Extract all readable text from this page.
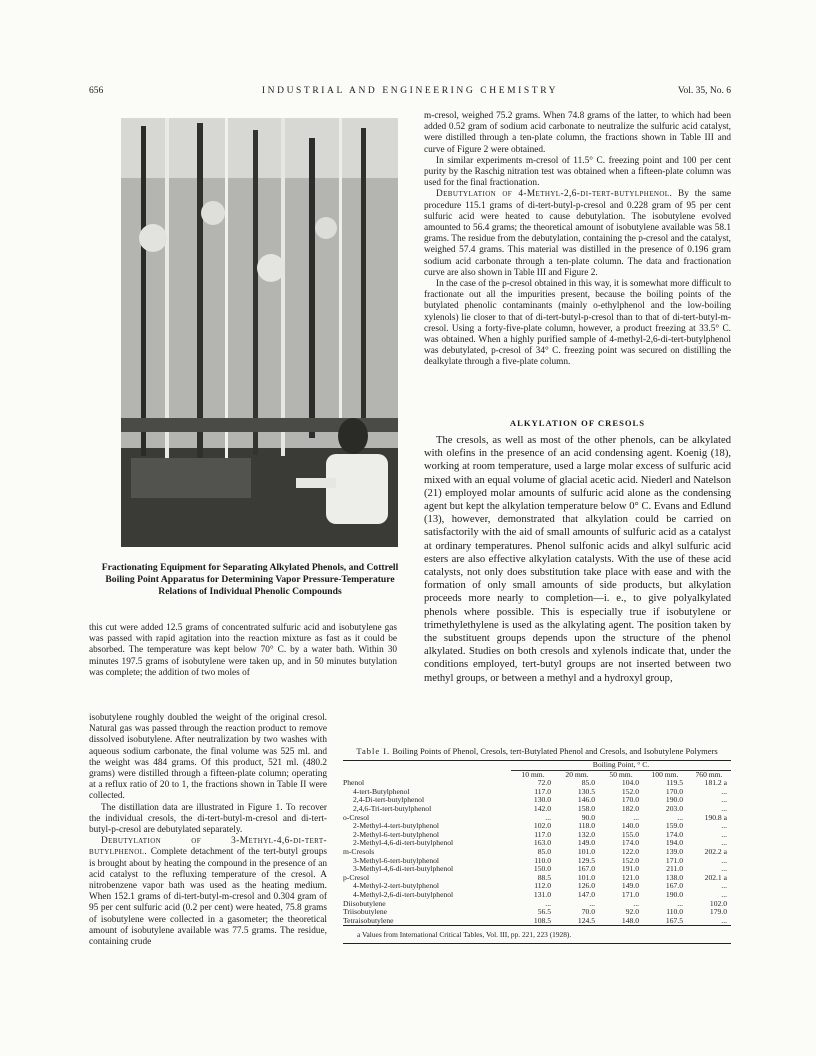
656	INDUSTRIAL AND ENGINEERING CHEMISTRY	Vol. 35, No. 6
Fractionating Equipment for Separating Alkylated Phenols, and Cottrell Boiling Point Apparatus for Determining Vapor Pressure-Temperature Relations of Individual Phenolic Compounds

this cut were added 12.5 grams of concentrated sulfuric acid and isobutylene gas was passed with rapid agitation into the reaction mixture as fast as it could be absorbed. The temperature was kept below 70° C. by a water bath. Within 30 minutes 197.5 grams of isobutylene were taken up, and in 50 minutes butylation was complete; the addition of two moles of

isobutylene roughly doubled the weight of the original cresol. Natural gas was passed through the reaction product to remove dissolved isobutylene. After neutralization by two washes with aqueous sodium carbonate, the final volume was 525 ml. and the weight was 484 grams. Of this product, 521 ml. (480.2 grams) were distilled through a fifteen-plate column; operating at a reflux ratio of 20 to 1, the fractions shown in Table II were collected.

The distillation data are illustrated in Figure 1. To recover the individual cresols, the di-tert-butyl-m-cresol and di-tert-butyl-p-cresol are debutylated separately.

Debutylation of 3-Methyl-4,6-di-tert-butylphenol. Complete detachment of the tert-butyl groups is brought about by heating the compound in the presence of an acid catalyst to the refluxing temperature of the cresol. A nitrobenzene vapor bath was used as the heating medium. When 152.1 grams of di-tert-butyl-m-cresol and 0.304 gram of 95 per cent sulfuric acid (0.2 per cent) were heated, 75.8 grams of isobutylene were collected in a gasometer; the theoretical amount of isobutylene available was 77.5 grams. The residue, containing crude

m-cresol, weighed 75.2 grams. When 74.8 grams of the latter, to which had been added 0.52 gram of sodium acid carbonate to neutralize the sulfuric acid catalyst, were distilled through a ten-plate column, the fractions shown in Table III and curve of Figure 2 were obtained.

In similar experiments m-cresol of 11.5° C. freezing point and 100 per cent purity by the Raschig nitration test was obtained when a fifteen-plate column was used for the final fractionation.

Debutylation of 4-Methyl-2,6-di-tert-butylphenol. By the same procedure 115.1 grams of di-tert-butyl-p-cresol and 0.228 gram of 95 per cent sulfuric acid were heated to cause debutylation. The isobutylene evolved amounted to 56.4 grams; the theoretical amount of isobutylene available was 58.1 grams. The residue from the debutylation, containing the p-cresol and the catalyst, weighed 57.4 grams. This material was distilled in the presence of 0.196 gram sodium acid carbonate through a ten-plate column. The data and fractionation curve are also shown in Table III and Figure 2.

In the case of the p-cresol obtained in this way, it is somewhat more difficult to fractionate out all the impurities present, because the boiling points of the butylated phenolic contaminants (mainly o-ethylphenol and the low-boiling xylenols) lie closer to that of di-tert-butyl-p-cresol than to that of di-tert-butyl-m-cresol. Using a forty-five-plate column, however, a product freezing at 33.5° C. was obtained. When a highly purified sample of 4-methyl-2,6-di-tert-butylphenol was debutylated, p-cresol of 34° C. freezing point was secured on distilling the dealkylate through a five-plate column.

ALKYLATION OF CRESOLS

The cresols, as well as most of the other phenols, can be alkylated with olefins in the presence of an acid condensing agent. Koenig (18), working at room temperature, used a large molar excess of sulfuric acid mixed with an equal volume of glacial acetic acid. Niederl and Natelson (21) employed molar amounts of sulfuric acid alone as the condensing agent but kept the alkylation temperature below 0° C. Evans and Edlund (13), however, demonstrated that alkylation could be carried on satisfactorily with the aid of small amounts of sulfuric acid as a catalyst at ordinary temperatures. Phenol sulfonic acids and alkyl sulfuric acid esters are also effective alkylation catalysts. With the use of these acid catalysts, not only does substitution take place with ease and with the formation of only small amounts of side products, but alkylation proceeds more nearly to completion—i. e., to give polyalkylated phenols where possible. This is especially true if isobutylene or trimethylethylene is used as the alkylating agent. The position taken by the substituent groups depends upon the structure of the phenol alkylated. Studies on both cresols and xylenols indicate that, under the conditions employed, tert-butyl groups are not inserted between two methyl groups, or between a methyl and a hydroxyl group,

Table I. Boiling Points of Phenol, Cresols, tert-Butylated Phenol and Cresols, and Isobutylene Polymers

	Boiling Point, ° C.				

	10 mm.	20 mm.	50 mm.	100 mm.	760 mm.
Phenol	72.0	85.0	104.0	119.5	181.2 a
4-tert-Butylphenol	117.0	130.5	152.0	170.0	...
2,4-Di-tert-butylphenol	130.0	146.0	170.0	190.0	...
2,4,6-Tri-tert-butylphenol	142.0	158.0	182.0	203.0	...
o-Cresol	...	90.0	...	...	190.8 a
2-Methyl-4-tert-butylphenol	102.0	118.0	140.0	159.0	...
2-Methyl-6-tert-butylphenol	117.0	132.0	155.0	174.0	...
2-Methyl-4,6-di-tert-butylphenol	163.0	149.0	174.0	194.0	...
m-Cresols	85.0	101.0	122.0	139.0	202.2 a
3-Methyl-6-tert-butylphenol	110.0	129.5	152.0	171.0	...
3-Methyl-4,6-di-tert-butylphenol	150.0	167.0	191.0	211.0	...
p-Cresol	88.5	101.0	121.0	138.0	202.1 a
4-Methyl-2-tert-butylphenol	112.0	126.0	149.0	167.0	...
4-Methyl-2,6-di-tert-butylphenol	131.0	147.0	171.0	190.0	...
Diisobutylene	...	...	...	...	102.0
Triisobutylene	56.5	70.0	92.0	110.0	179.0
Tetraisobutylene	108.5	124.5	148.0	167.5	...
a Values from International Critical Tables, Vol. III, pp. 221, 223 (1928).
